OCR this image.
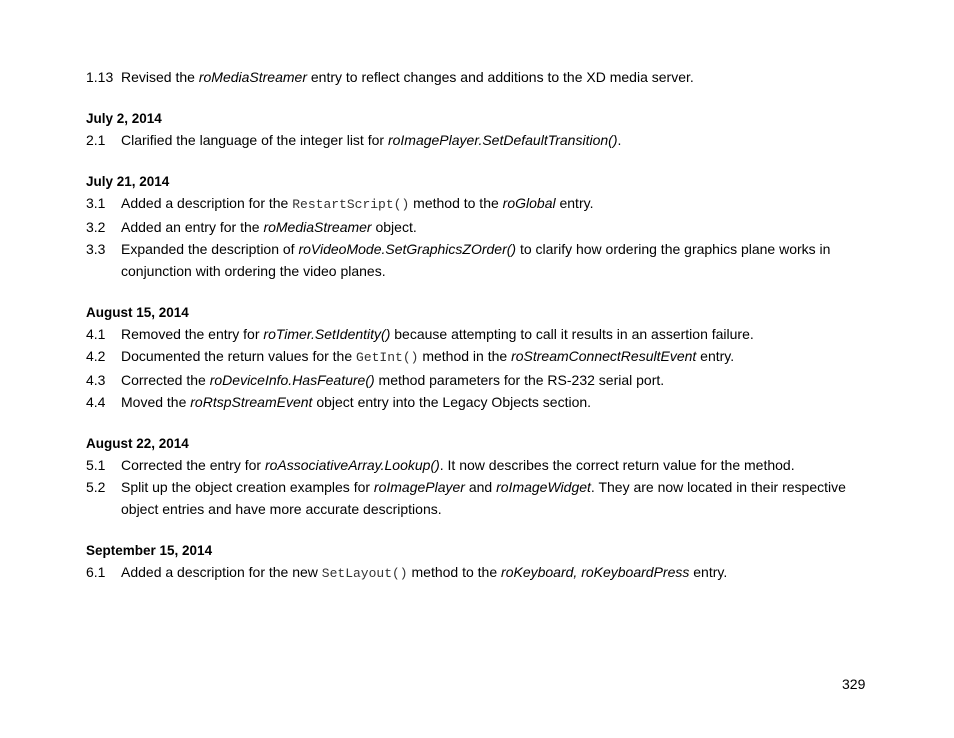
1.13 Revised the roMediaStreamer entry to reflect changes and additions to the XD media server.
July 2, 2014
2.1 Clarified the language of the integer list for roImagePlayer.SetDefaultTransition().
July 21, 2014
3.1 Added a description for the RestartScript() method to the roGlobal entry.
3.2 Added an entry for the roMediaStreamer object.
3.3 Expanded the description of roVideoMode.SetGraphicsZOrder() to clarify how ordering the graphics plane works in conjunction with ordering the video planes.
August 15, 2014
4.1 Removed the entry for roTimer.SetIdentity() because attempting to call it results in an assertion failure.
4.2 Documented the return values for the GetInt() method in the roStreamConnectResultEvent entry.
4.3 Corrected the roDeviceInfo.HasFeature() method parameters for the RS-232 serial port.
4.4 Moved the roRtspStreamEvent object entry into the Legacy Objects section.
August 22, 2014
5.1 Corrected the entry for roAssociativeArray.Lookup(). It now describes the correct return value for the method.
5.2 Split up the object creation examples for roImagePlayer and roImageWidget. They are now located in their respective object entries and have more accurate descriptions.
September 15, 2014
6.1 Added a description for the new SetLayout() method to the roKeyboard, roKeyboardPress entry.
329
